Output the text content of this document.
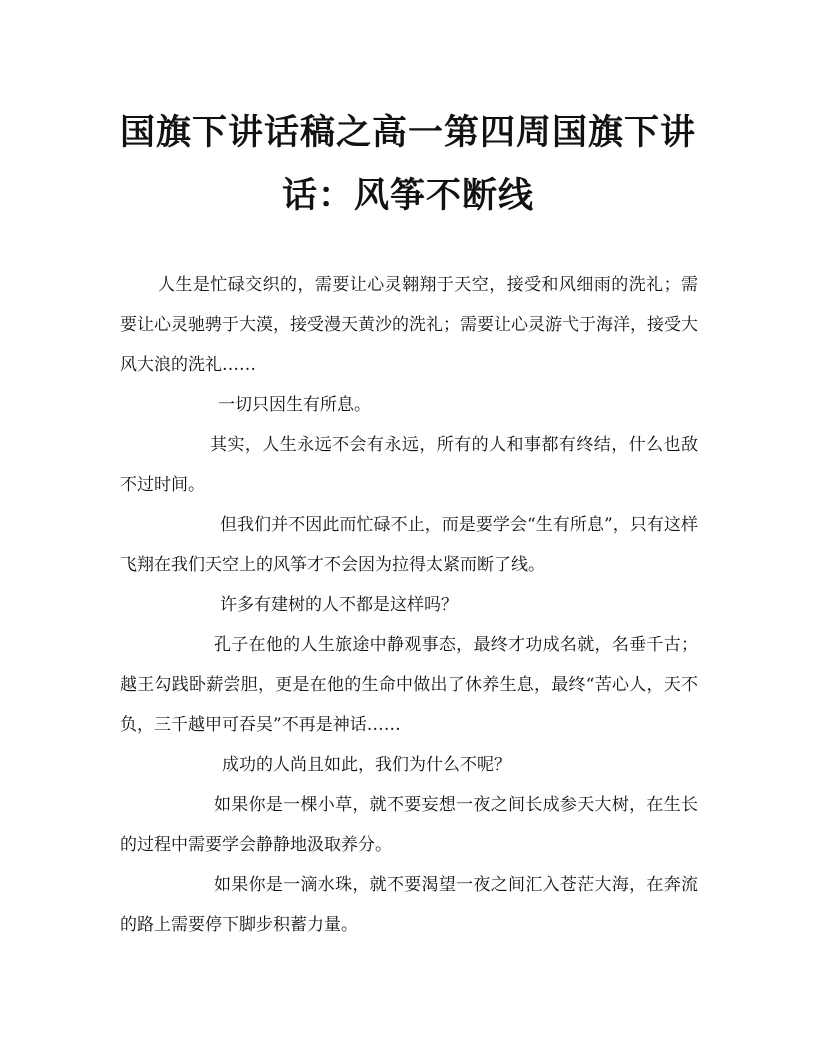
国旗下讲话稿之高一第四周国旗下讲
话：风筝不断线

人生是忙碌交织的，需要让心灵翱翔于天空，接受和风细雨的洗礼；需要让心灵驰骋于大漠，接受漫天黄沙的洗礼；需要让心灵游弋于海洋，接受大风大浪的洗礼……

一切只因生有所息。

其实，人生永远不会有永远，所有的人和事都有终结，什么也敌不过时间。

但我们并不因此而忙碌不止，而是要学会“生有所息”，只有这样飞翔在我们天空上的风筝才不会因为拉得太紧而断了线。

许多有建树的人不都是这样吗？

孔子在他的人生旅途中静观事态，最终才功成名就，名垂千古；越王勾践卧薪尝胆，更是在他的生命中做出了休养生息，最终“苦心人，天不负，三千越甲可吞吴”不再是神话……

成功的人尚且如此，我们为什么不呢？

如果你是一棵小草，就不要妄想一夜之间长成参天大树，在生长的过程中需要学会静静地汲取养分。

如果你是一滴水珠，就不要渴望一夜之间汇入苍茫大海，在奔流的路上需要停下脚步积蓄力量。
